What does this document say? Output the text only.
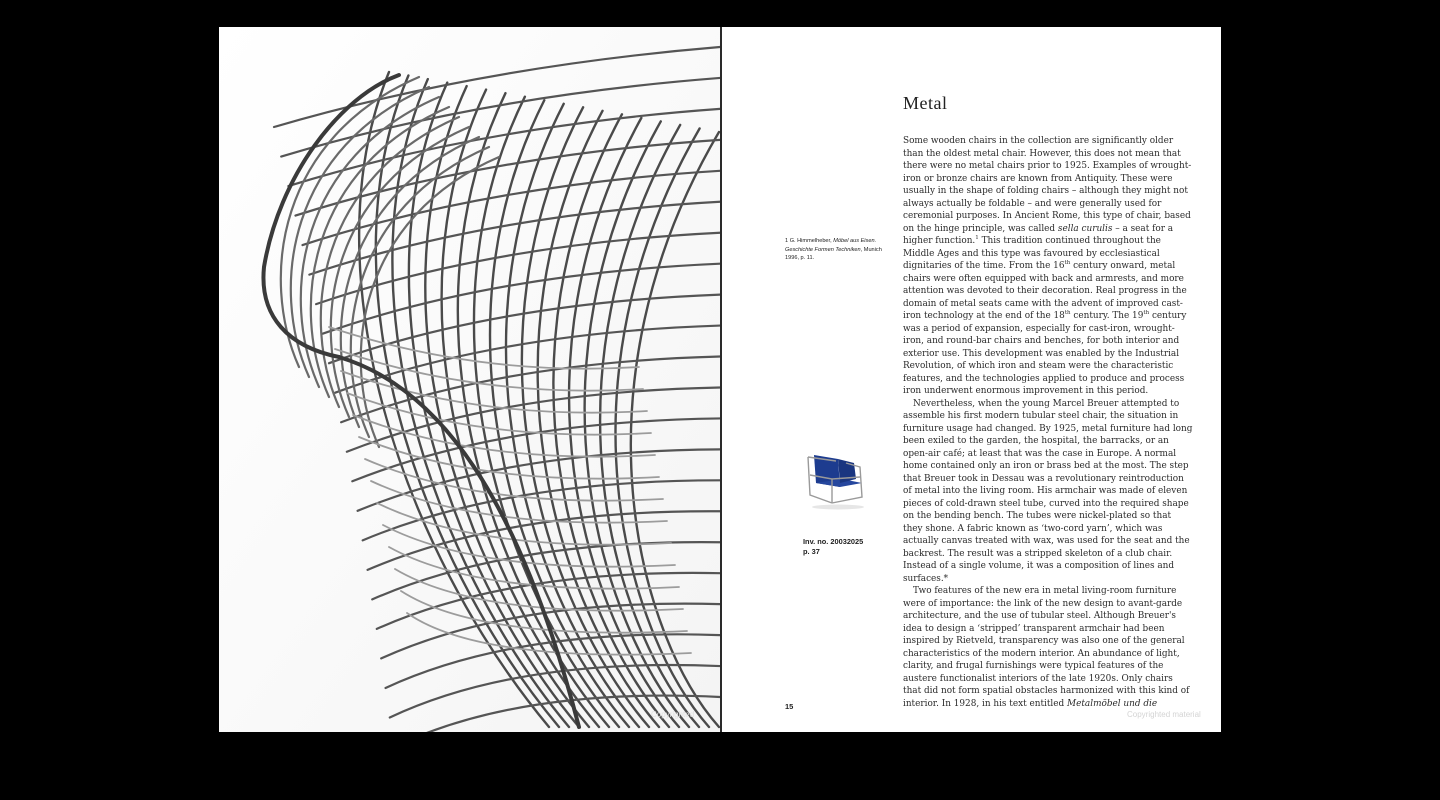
Copyrighted
Metal
1 G. Himmelheber, Möbel aus Eisen. Geschichte Formen Techniken, Munich 1996, p. 11.
Inv. no. 20032025
p. 37

Some wooden chairs in the collection are significantly older than the oldest metal chair. However, this does not mean that there were no metal chairs prior to 1925. Examples of wrought-iron or bronze chairs are known from Antiquity. These were usually in the shape of folding chairs – although they might not always actually be foldable – and were generally used for ceremonial purposes. In Ancient Rome, this type of chair, based on the hinge principle, was called sella curulis – a seat for a higher function.$^1$ This tradition continued throughout the Middle Ages and this type was favoured by ecclesiastical dignitaries of the time. From the 16th century onward, metal chairs were often equipped with back and armrests, and more attention was devoted to their decoration. Real progress in the domain of metal seats came with the advent of improved cast-iron technology at the end of the 18th century. The 19th century was a period of expansion, especially for cast-iron, wrought-iron, and round-bar chairs and benches, for both interior and exterior use. This development was enabled by the Industrial Revolution, of which iron and steam were the characteristic features, and the technologies applied to produce and process iron underwent enormous improvement in this period.

Nevertheless, when the young Marcel Breuer attempted to assemble his first modern tubular steel chair, the situation in furniture usage had changed. By 1925, metal furniture had long been exiled to the garden, the hospital, the barracks, or an open-air café; at least that was the case in Europe. A normal home contained only an iron or brass bed at the most. The step that Breuer took in Dessau was a revolutionary reintroduction of metal into the living room. His armchair was made of eleven pieces of cold-drawn steel tube, curved into the required shape on the bending bench. The tubes were nickel-plated so that they shone. A fabric known as ‘two-cord yarn’, which was actually canvas treated with wax, was used for the seat and the backrest. The result was a stripped skeleton of a club chair. Instead of a single volume, it was a composition of lines and surfaces.*

Two features of the new era in metal living-room furniture were of importance: the link of the new design to avant-garde architecture, and the use of tubular steel. Although Breuer's idea to design a ‘stripped’ transparent armchair had been inspired by Rietveld, transparency was also one of the general characteristics of the modern interior. An abundance of light, clarity, and frugal furnishings were typical features of the austere functionalist interiors of the late 1920s. Only chairs that did not form spatial obstacles harmonized with this kind of interior. In 1928, in his text entitled Metalmöbel und die

15
Copyrighted material
